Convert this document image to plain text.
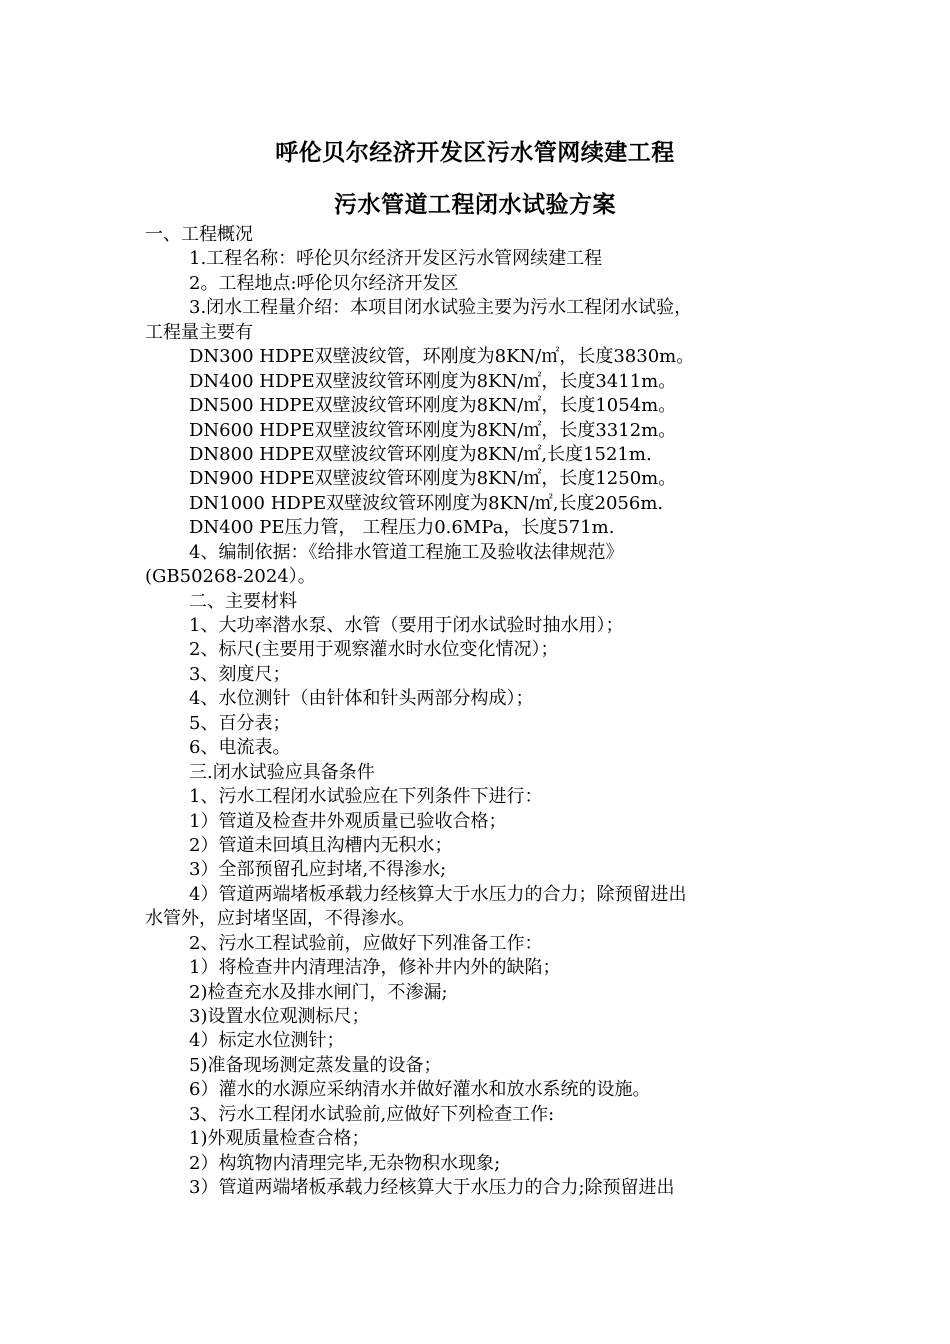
呼伦贝尔经济开发区污水管网续建工程
污水管道工程闭水试验方案
一、工程概况
1.工程名称：呼伦贝尔经济开发区污水管网续建工程
2。工程地点:呼伦贝尔经济开发区
3.闭水工程量介绍：本项目闭水试验主要为污水工程闭水试验，
工程量主要有
DN300 HDPE双壁波纹管，环刚度为8KN/㎡，长度3830m。
DN400 HDPE双壁波纹管环刚度为8KN/㎡，长度3411m。
DN500 HDPE双壁波纹管环刚度为8KN/㎡，长度1054m。
DN600 HDPE双壁波纹管环刚度为8KN/㎡，长度3312m。
DN800 HDPE双壁波纹管环刚度为8KN/㎡,长度1521m.
DN900 HDPE双壁波纹管环刚度为8KN/㎡，长度1250m。
DN1000 HDPE双壁波纹管环刚度为8KN/㎡,长度2056m.
DN400 PE压力管， 工程压力0.6MPa，长度571m.
4、编制依据：《给排水管道工程施工及验收法律规范》
(GB50268-2024）。
二、主要材料
1、大功率潜水泵、水管（要用于闭水试验时抽水用）；
2、标尺(主要用于观察灌水时水位变化情况）；
3、刻度尺；
4、水位测针（由针体和针头两部分构成）；
5、百分表；
6、电流表。
三.闭水试验应具备条件
1、污水工程闭水试验应在下列条件下进行：
1）管道及检查井外观质量已验收合格；
2）管道未回填且沟槽内无积水；
3）全部预留孔应封堵,不得渗水;
4）管道两端堵板承载力经核算大于水压力的合力；除预留进出
水管外，应封堵坚固，不得渗水。
2、污水工程试验前，应做好下列准备工作：
1）将检查井内清理洁净，修补井内外的缺陷；
2)检查充水及排水闸门，不渗漏;
3)设置水位观测标尺；
4）标定水位测针；
5)准备现场测定蒸发量的设备；
6）灌水的水源应采纳清水并做好灌水和放水系统的设施。
3、污水工程闭水试验前,应做好下列检查工作:
1)外观质量检查合格；
2）构筑物内清理完毕,无杂物积水现象;
3）管道两端堵板承载力经核算大于水压力的合力;除预留进出
